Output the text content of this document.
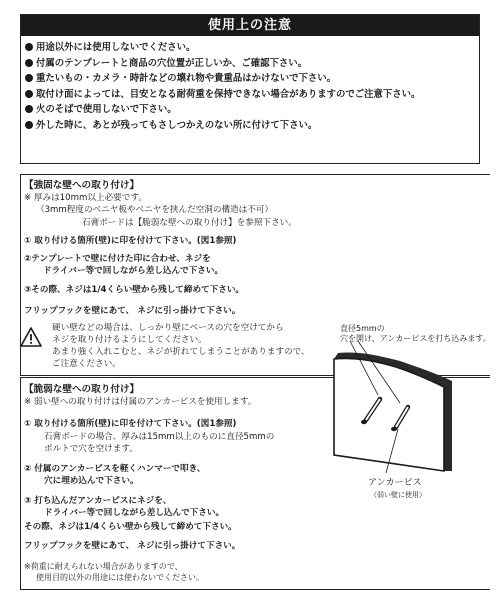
使用上の注意
用途以外には使用しないでください。
付属のテンプレートと商品の穴位置が正しいか、ご確認下さい。
重たいもの・カメラ・時計などの壊れ物や貴重品はかけないで下さい。
取付け面によっては、目安となる耐荷重を保持できない場合がありますのでご注意下さい。
火のそばで使用しないで下さい。
外した時に、あとが残ってもさしつかえのない所に付けて下さい。
【強固な壁への取り付け】
※ 厚みは10mm以上必要です。
（3mm程度のベニヤ板やベニヤを挟んだ空洞の構造は不可）
石膏ボードは【脆弱な壁への取り付け】を参照下さい。
① 取り付ける箇所(壁)に印を付けて下さい。(図1参照)
②テンプレートで壁に付けた印に合わせ、ネジを
ドライバー等で回しながら差し込んで下さい。
③その際、ネジは1/4くらい壁から残して締めて下さい。
フリップフックを壁にあて、 ネジに引っ掛けて下さい。
硬い壁などの場合は、しっかり壁にベースの穴を空けてから
ネジを取り付けるようにしてください。
あまり強く入れこむと、ネジが折れてしまうことがありますので、
ご注意ください。
【脆弱な壁への取り付け】
※ 弱い壁への取り付けは付属のアンカーピスを使用します。
① 取り付ける箇所(壁)に印を付けて下さい。(図1参照)
石膏ボードの場合、厚みは15mm以上のものに直径5mmの
ボルトで穴を空けます。
② 付属のアンカーピスを軽くハンマーで叩き、
穴に埋め込んで下さい。
③ 打ち込んだアンカーピスにネジを、
ドライバー等で回しながら差し込んで下さい。
その際、ネジは1/4くらい壁から残して締めて下さい。
フリップフックを壁にあて、 ネジに引っ掛けて下さい。
※荷重に耐えられない場合がありますので、
使用目的以外の用途には使わないでください。
直径5mmの
穴を開け、アンカーピスを打ち込みます。
アンカーピス
（弱い壁に使用）
